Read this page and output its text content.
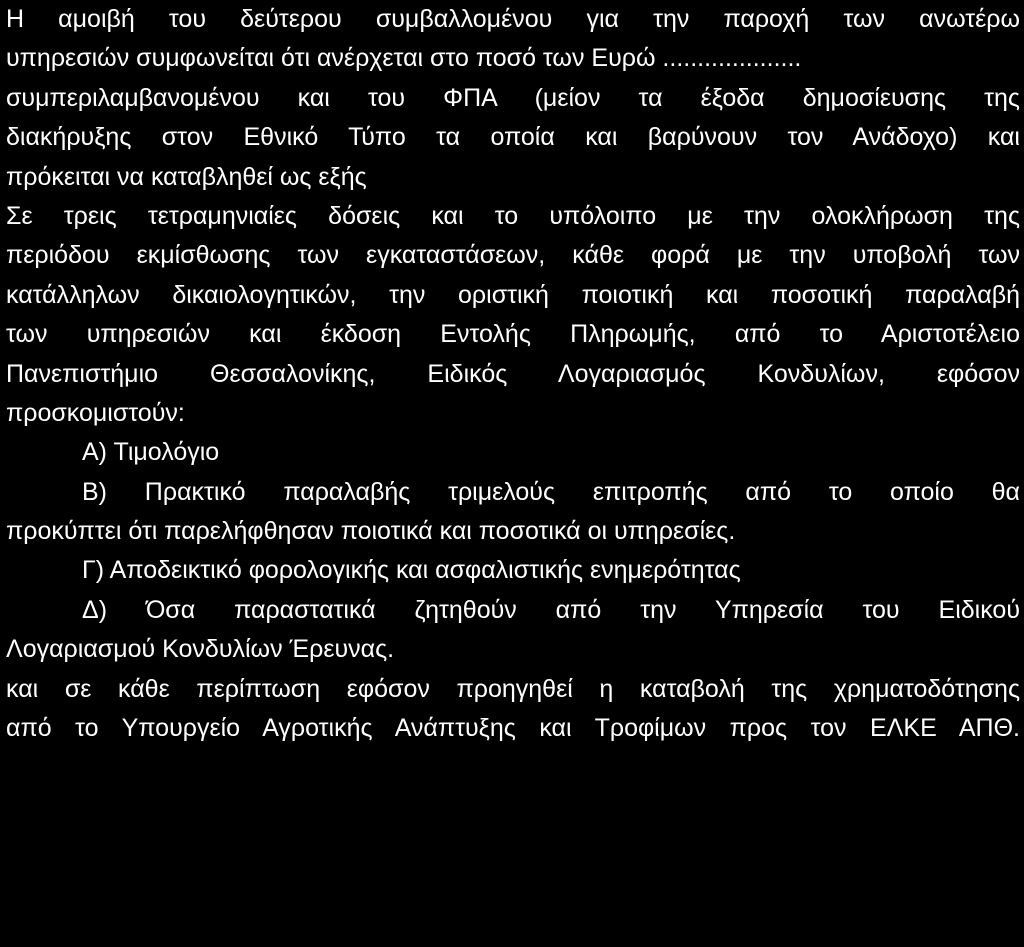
Η αμοιβή του δεύτερου συμβαλλομένου για την παροχή των ανωτέρω
υπηρεσιών συμφωνείται ότι ανέρχεται στο ποσό των Ευρώ ....................
συμπεριλαμβανομένου και του ΦΠΑ (μείον τα έξοδα δημοσίευσης της
διακήρυξης στον Εθνικό Τύπο τα οποία και βαρύνουν τον Ανάδοχο) και
πρόκειται να καταβληθεί ως εξής
Σε τρεις τετραμηνιαίες δόσεις και το υπόλοιπο με την ολοκλήρωση της
περιόδου εκμίσθωσης των εγκαταστάσεων, κάθε φορά με την υποβολή των
κατάλληλων δικαιολογητικών, την οριστική ποιοτική και ποσοτική παραλαβή
των υπηρεσιών και έκδοση Εντολής Πληρωμής, από το Αριστοτέλειο
Πανεπιστήμιο Θεσσαλονίκης, Ειδικός Λογαριασμός Κονδυλίων, εφόσον
προσκομιστούν:
Α) Τιμολόγιο
Β) Πρακτικό παραλαβής τριμελούς επιτροπής από το οποίο θα
προκύπτει ότι παρελήφθησαν ποιοτικά και ποσοτικά οι υπηρεσίες.
Γ) Αποδεικτικό φορολογικής και ασφαλιστικής ενημερότητας
Δ) Όσα παραστατικά ζητηθούν από την Υπηρεσία του Ειδικού
Λογαριασμού Κονδυλίων Έρευνας.
και σε κάθε περίπτωση εφόσον προηγηθεί η καταβολή της χρηματοδότησης
από το Υπουργείο Αγροτικής Ανάπτυξης και Τροφίμων προς τον ΕΛΚΕ ΑΠΘ.
